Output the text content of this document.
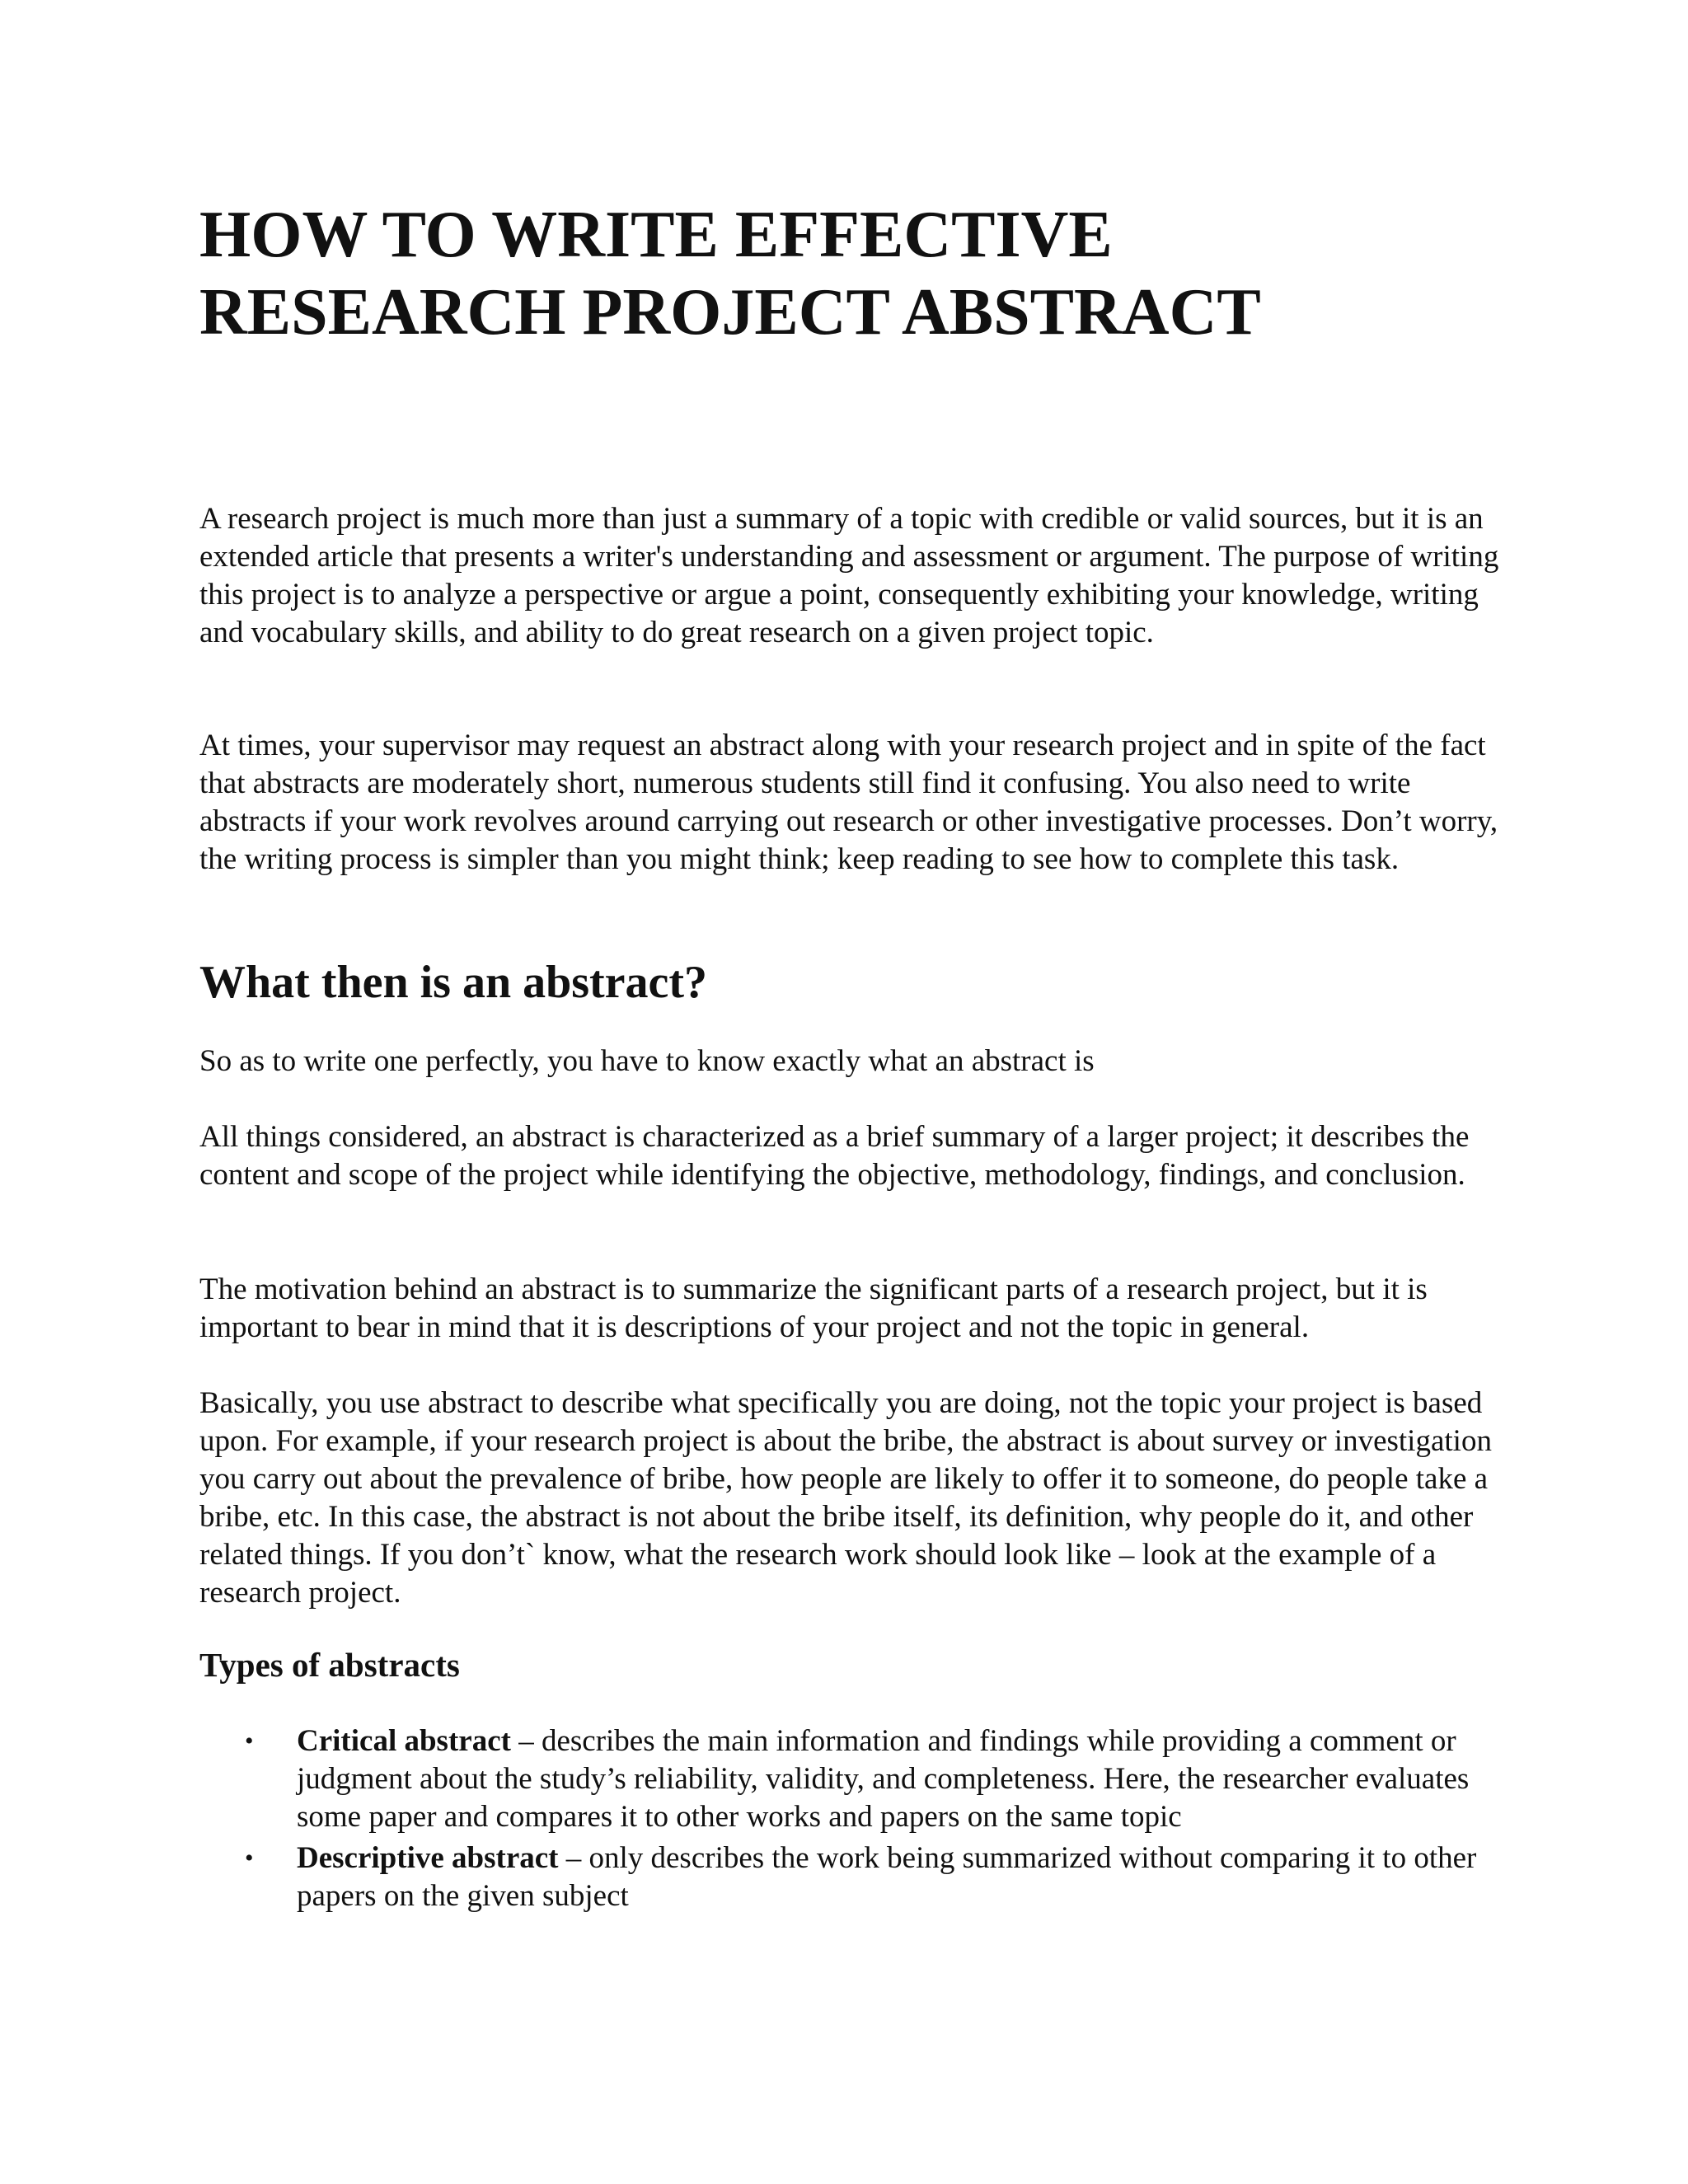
HOW TO WRITE EFFECTIVE
RESEARCH PROJECT ABSTRACT

A research project is much more than just a summary of a topic with credible or valid sources, but it is an extended article that presents a writer's understanding and assessment or argument. The purpose of writing this project is to analyze a perspective or argue a point, consequently exhibiting your knowledge, writing and vocabulary skills, and ability to do great research on a given project topic.

At times, your supervisor may request an abstract along with your research project and in spite of the fact that abstracts are moderately short, numerous students still find it confusing. You also need to write abstracts if your work revolves around carrying out research or other investigative processes. Don’t worry, the writing process is simpler than you might think; keep reading to see how to complete this task.

What then is an abstract?

So as to write one perfectly, you have to know exactly what an abstract is

All things considered, an abstract is characterized as a brief summary of a larger project; it describes the content and scope of the project while identifying the objective, methodology, findings, and conclusion.

The motivation behind an abstract is to summarize the significant parts of a research project, but it is important to bear in mind that it is descriptions of your project and not the topic in general.

Basically, you use abstract to describe what specifically you are doing, not the topic your project is based upon. For example, if your research project is about the bribe, the abstract is about survey or investigation you carry out about the prevalence of bribe, how people are likely to offer it to someone, do people take a bribe, etc. In this case, the abstract is not about the bribe itself, its definition, why people do it, and other related things. If you don’t` know, what the research work should look like – look at the example of a research project.

Types of abstracts
• Critical abstract – describes the main information and findings while providing a comment or judgment about the study’s reliability, validity, and completeness. Here, the researcher evaluates some paper and compares it to other works and papers on the same topic
• Descriptive abstract – only describes the work being summarized without comparing it to other papers on the given subject
